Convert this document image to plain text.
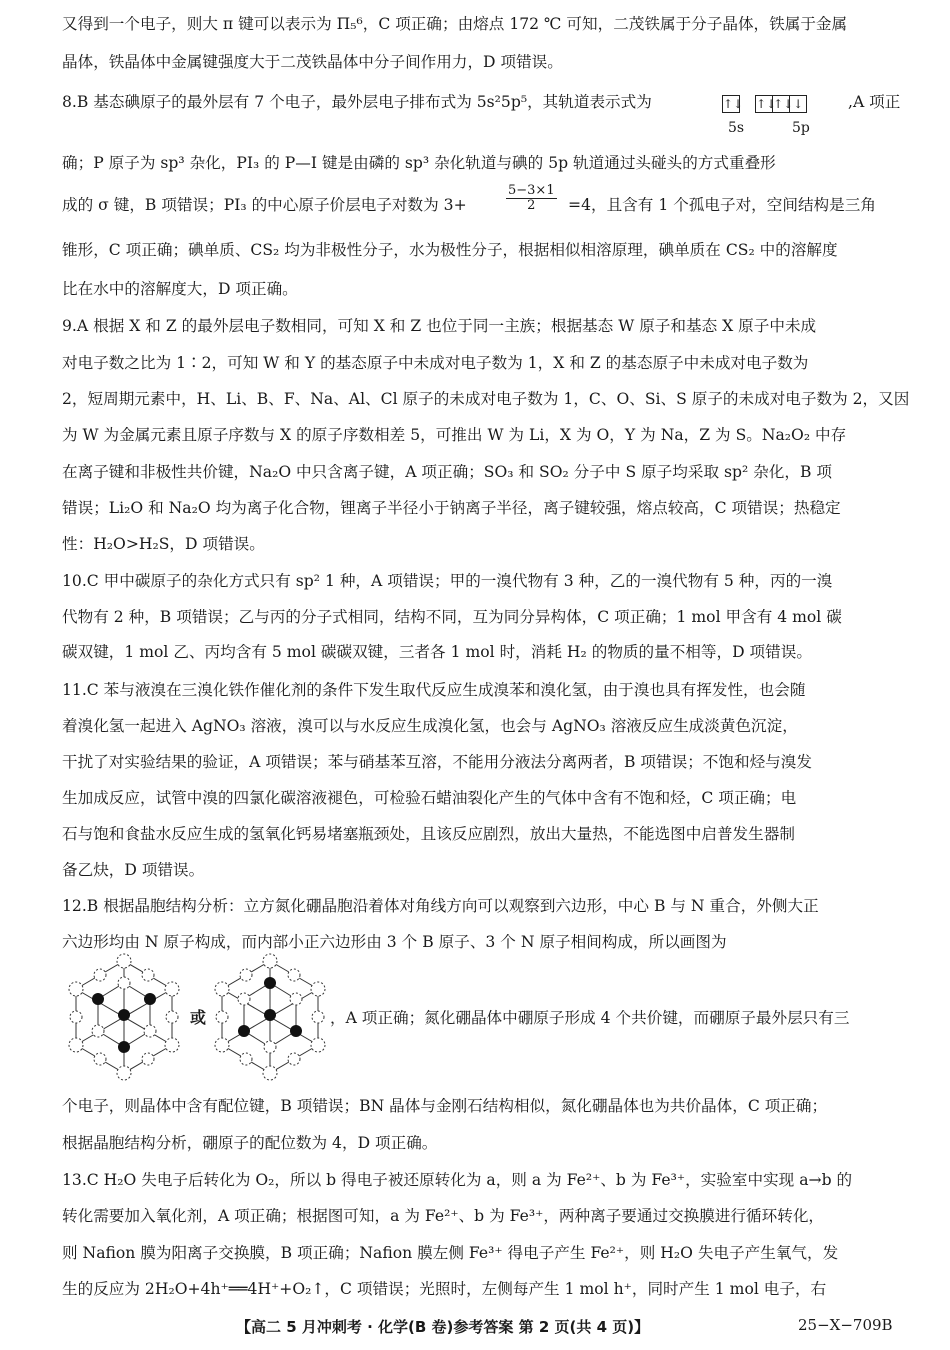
又得到一个电子，则大 π 键可以表示为 Π₅⁶，C 项正确；由熔点 172 ℃ 可知，二茂铁属于分子晶体，铁属于金属
晶体，铁晶体中金属键强度大于二茂铁晶体中分子间作用力，D 项错误。
8.B 基态碘原子的最外层有 7 个电子，最外层电子排布式为 5s²5p⁵，其轨道表示式为	↑↓ ↑↓↑↓↓
5s	5p
,A 项正
确；P 原子为 sp³ 杂化，PI₃ 的 P—I 键是由磷的 sp³ 杂化轨道与碘的 5p 轨道通过头碰头的方式重叠形
成的 σ 键，B 项错误；PI₃ 的中心原子价层电子对数为 3+	$\frac{5-3\times 1}{2} =4$，且含有 1 个孤电子对，空间结构是三角
锥形，C 项正确；碘单质、CS₂ 均为非极性分子，水为极性分子，根据相似相溶原理，碘单质在 CS₂ 中的溶解度
比在水中的溶解度大，D 项正确。
9.A 根据 X 和 Z 的最外层电子数相同，可知 X 和 Z 也位于同一主族；根据基态 W 原子和基态 X 原子中未成
对电子数之比为 1∶2，可知 W 和 Y 的基态原子中未成对电子数为 1，X 和 Z 的基态原子中未成对电子数为
2，短周期元素中，H、Li、B、F、Na、Al、Cl 原子的未成对电子数为 1，C、O、Si、S 原子的未成对电子数为 2，又因
为 W 为金属元素且原子序数与 X 的原子序数相差 5，可推出 W 为 Li，X 为 O，Y 为 Na，Z 为 S。Na₂O₂ 中存
在离子键和非极性共价键，Na₂O 中只含离子键，A 项正确；SO₃ 和 SO₂ 分子中 S 原子均采取 sp² 杂化，B 项
错误；Li₂O 和 Na₂O 均为离子化合物，锂离子半径小于钠离子半径，离子键较强，熔点较高，C 项错误；热稳定
性：H₂O>H₂S，D 项错误。
10.C 甲中碳原子的杂化方式只有 sp² 1 种，A 项错误；甲的一溴代物有 3 种，乙的一溴代物有 5 种，丙的一溴
代物有 2 种，B 项错误；乙与丙的分子式相同，结构不同，互为同分异构体，C 项正确；1 mol 甲含有 4 mol 碳
碳双键，1 mol 乙、丙均含有 5 mol 碳碳双键，三者各 1 mol 时，消耗 H₂ 的物质的量不相等，D 项错误。
11.C 苯与液溴在三溴化铁作催化剂的条件下发生取代反应生成溴苯和溴化氢，由于溴也具有挥发性，也会随
着溴化氢一起进入 AgNO₃ 溶液，溴可以与水反应生成溴化氢，也会与 AgNO₃ 溶液反应生成淡黄色沉淀，
干扰了对实验结果的验证，A 项错误；苯与硝基苯互溶，不能用分液法分离两者，B 项错误；不饱和烃与溴发
生加成反应，试管中溴的四氯化碳溶液褪色，可检验石蜡油裂化产生的气体中含有不饱和烃，C 项正确；电
石与饱和食盐水反应生成的氢氧化钙易堵塞瓶颈处，且该反应剧烈，放出大量热，不能选图中启普发生器制
备乙炔，D 项错误。
12.B 根据晶胞结构分析：立方氮化硼晶胞沿着体对角线方向可以观察到六边形，中心 B 与 N 重合，外侧大正
六边形均由 N 原子构成，而内部小正六边形由 3 个 B 原子、3 个 N 原子相间构成，所以画图为
或	，A 项正确；氮化硼晶体中硼原子形成 4 个共价键，而硼原子最外层只有三
个电子，则晶体中含有配位键，B 项错误；BN 晶体与金刚石结构相似，氮化硼晶体也为共价晶体，C 项正确；
根据晶胞结构分析，硼原子的配位数为 4，D 项正确。
13.C H₂O 失电子后转化为 O₂，所以 b 得电子被还原转化为 a，则 a 为 Fe²⁺、b 为 Fe³⁺，实验室中实现 a→b 的
转化需要加入氧化剂，A 项正确；根据图可知，a 为 Fe²⁺、b 为 Fe³⁺，两种离子要通过交换膜进行循环转化，
则 Nafion 膜为阳离子交换膜，B 项正确；Nafion 膜左侧 Fe³⁺ 得电子产生 Fe²⁺，则 H₂O 失电子产生氧气，发
生的反应为 2H₂O+4h⁺══4H⁺+O₂↑，C 项错误；光照时，左侧每产生 1 mol h⁺，同时产生 1 mol 电子，右
【高二 5 月冲刺考 · 化学(B 卷)参考答案 第 2 页(共 4 页)】	25−X−709B
